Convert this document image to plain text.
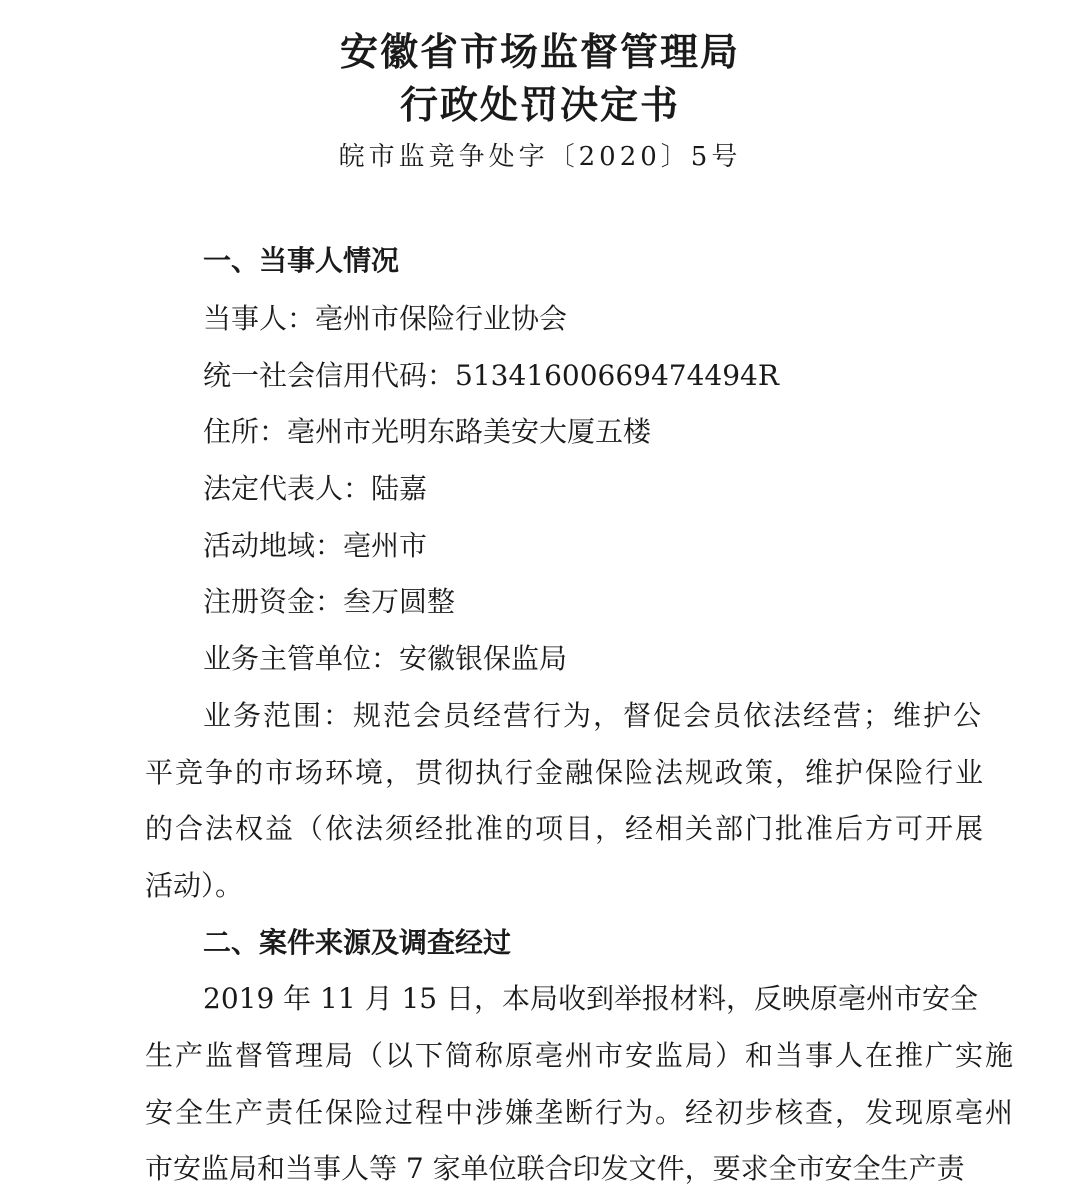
安徽省市场监督管理局
行政处罚决定书
皖市监竞争处字〔2020〕5号
一、当事人情况
当事人：亳州市保险行业协会
统一社会信用代码：51341600669474494R
住所：亳州市光明东路美安大厦五楼
法定代表人：陆嘉
活动地域：亳州市
注册资金：叁万圆整
业务主管单位：安徽银保监局
业务范围：规范会员经营行为，督促会员依法经营；维护公
平竞争的市场环境，贯彻执行金融保险法规政策，维护保险行业
的合法权益（依法须经批准的项目，经相关部门批准后方可开展
活动）。
二、案件来源及调查经过
2019 年 11 月 15 日，本局收到举报材料，反映原亳州市安全
生产监督管理局（以下简称原亳州市安监局）和当事人在推广实施
安全生产责任保险过程中涉嫌垄断行为。经初步核查，发现原亳州
市安监局和当事人等 7 家单位联合印发文件，要求全市安全生产责
